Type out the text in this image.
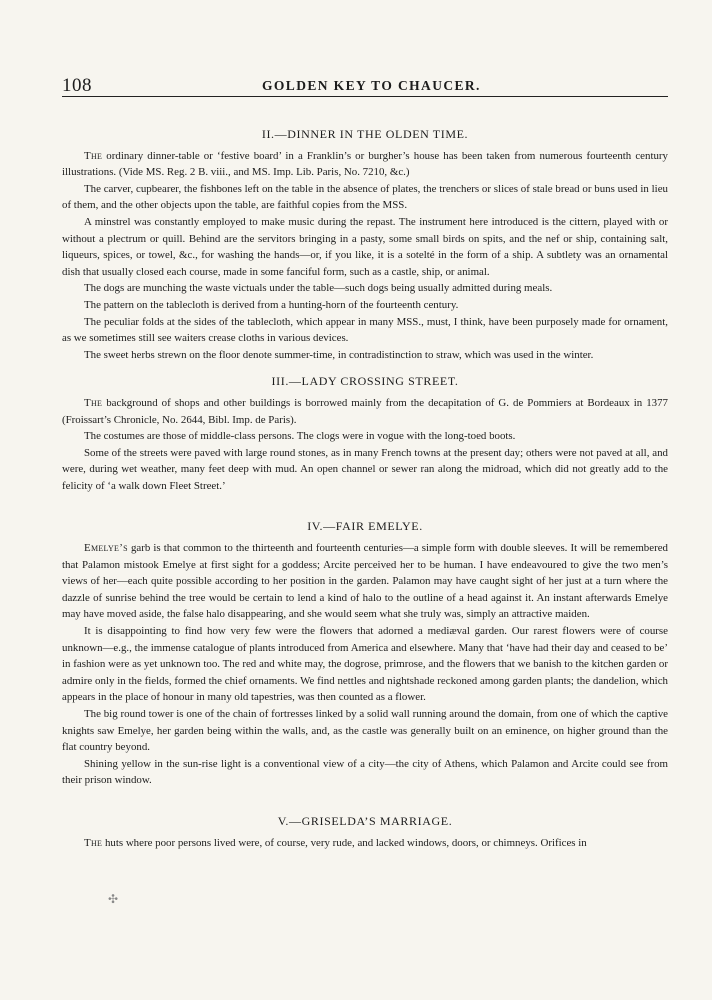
108	GOLDEN KEY TO CHAUCER.
II.—DINNER IN THE OLDEN TIME.

The ordinary dinner-table or ‘festive board’ in a Franklin’s or burgher’s house has been taken from numerous fourteenth century illustrations. (Vide MS. Reg. 2 B. viii., and MS. Imp. Lib. Paris, No. 7210, &c.)

The carver, cupbearer, the fishbones left on the table in the absence of plates, the trenchers or slices of stale bread or buns used in lieu of them, and the other objects upon the table, are faithful copies from the MSS.

A minstrel was constantly employed to make music during the repast. The instrument here introduced is the cittern, played with or without a plectrum or quill. Behind are the servitors bringing in a pasty, some small birds on spits, and the nef or ship, containing salt, liqueurs, spices, or towel, &c., for washing the hands—or, if you like, it is a sotelté in the form of a ship. A subtlety was an ornamental dish that usually closed each course, made in some fanciful form, such as a castle, ship, or animal.

The dogs are munching the waste victuals under the table—such dogs being usually admitted during meals.

The pattern on the tablecloth is derived from a hunting-horn of the fourteenth century.

The peculiar folds at the sides of the tablecloth, which appear in many MSS., must, I think, have been purposely made for ornament, as we sometimes still see waiters crease cloths in various devices.

The sweet herbs strewn on the floor denote summer-time, in contradistinction to straw, which was used in the winter.

III.—LADY CROSSING STREET.

The background of shops and other buildings is borrowed mainly from the decapitation of G. de Pommiers at Bordeaux in 1377 (Froissart’s Chronicle, No. 2644, Bibl. Imp. de Paris).

The costumes are those of middle-class persons. The clogs were in vogue with the long-toed boots.

Some of the streets were paved with large round stones, as in many French towns at the present day; others were not paved at all, and were, during wet weather, many feet deep with mud. An open channel or sewer ran along the midroad, which did not greatly add to the felicity of ‘a walk down Fleet Street.’

IV.—FAIR EMELYE.

Emelye’s garb is that common to the thirteenth and fourteenth centuries—a simple form with double sleeves. It will be remembered that Palamon mistook Emelye at first sight for a goddess; Arcite perceived her to be human. I have endeavoured to give the two men’s views of her—each quite possible according to her position in the garden. Palamon may have caught sight of her just at a turn where the dazzle of sunrise behind the tree would be certain to lend a kind of halo to the outline of a head against it. An instant afterwards Emelye may have moved aside, the false halo disappearing, and she would seem what she truly was, simply an attractive maiden.

It is disappointing to find how very few were the flowers that adorned a mediæval garden. Our rarest flowers were of course unknown—e.g., the immense catalogue of plants introduced from America and elsewhere. Many that ‘have had their day and ceased to be’ in fashion were as yet unknown too. The red and white may, the dogrose, primrose, and the flowers that we banish to the kitchen garden or admire only in the fields, formed the chief ornaments. We find nettles and nightshade reckoned among garden plants; the dandelion, which appears in the place of honour in many old tapestries, was then counted as a flower.

The big round tower is one of the chain of fortresses linked by a solid wall running around the domain, from one of which the captive knights saw Emelye, her garden being within the walls, and, as the castle was generally built on an eminence, on higher ground than the flat country beyond.

Shining yellow in the sun-rise light is a conventional view of a city—the city of Athens, which Palamon and Arcite could see from their prison window.

V.—GRISELDA’S MARRIAGE.

The huts where poor persons lived were, of course, very rude, and lacked windows, doors, or chimneys. Orifices in

✣
